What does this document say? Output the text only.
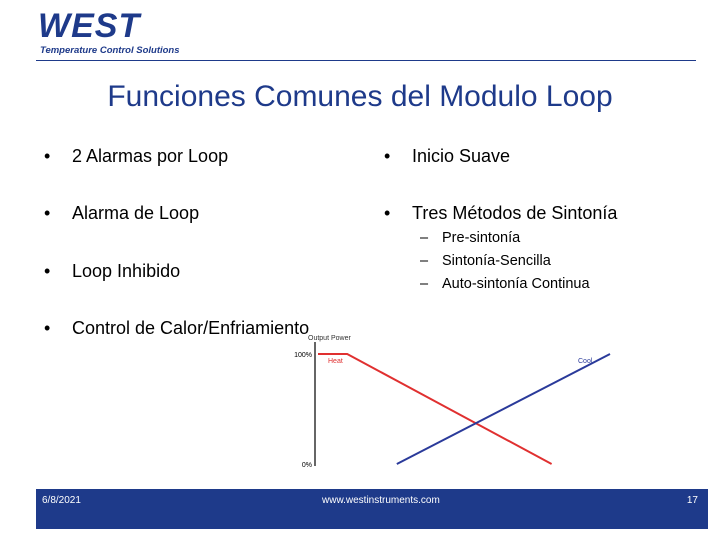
WEST
Temperature Control Solutions
Funciones Comunes del Modulo Loop
• 2 Alarmas por Loop
• Alarma de Loop
• Loop Inhibido
• Control de Calor/Enfriamiento
• Inicio Suave
• Tres Métodos de Sintonía
– Pre-sintonía
– Sintonía-Sencilla
– Auto-sintonía Continua
Output Power
100%
0%
Heat	Cool
6/8/2021	www.westinstruments.com	17
